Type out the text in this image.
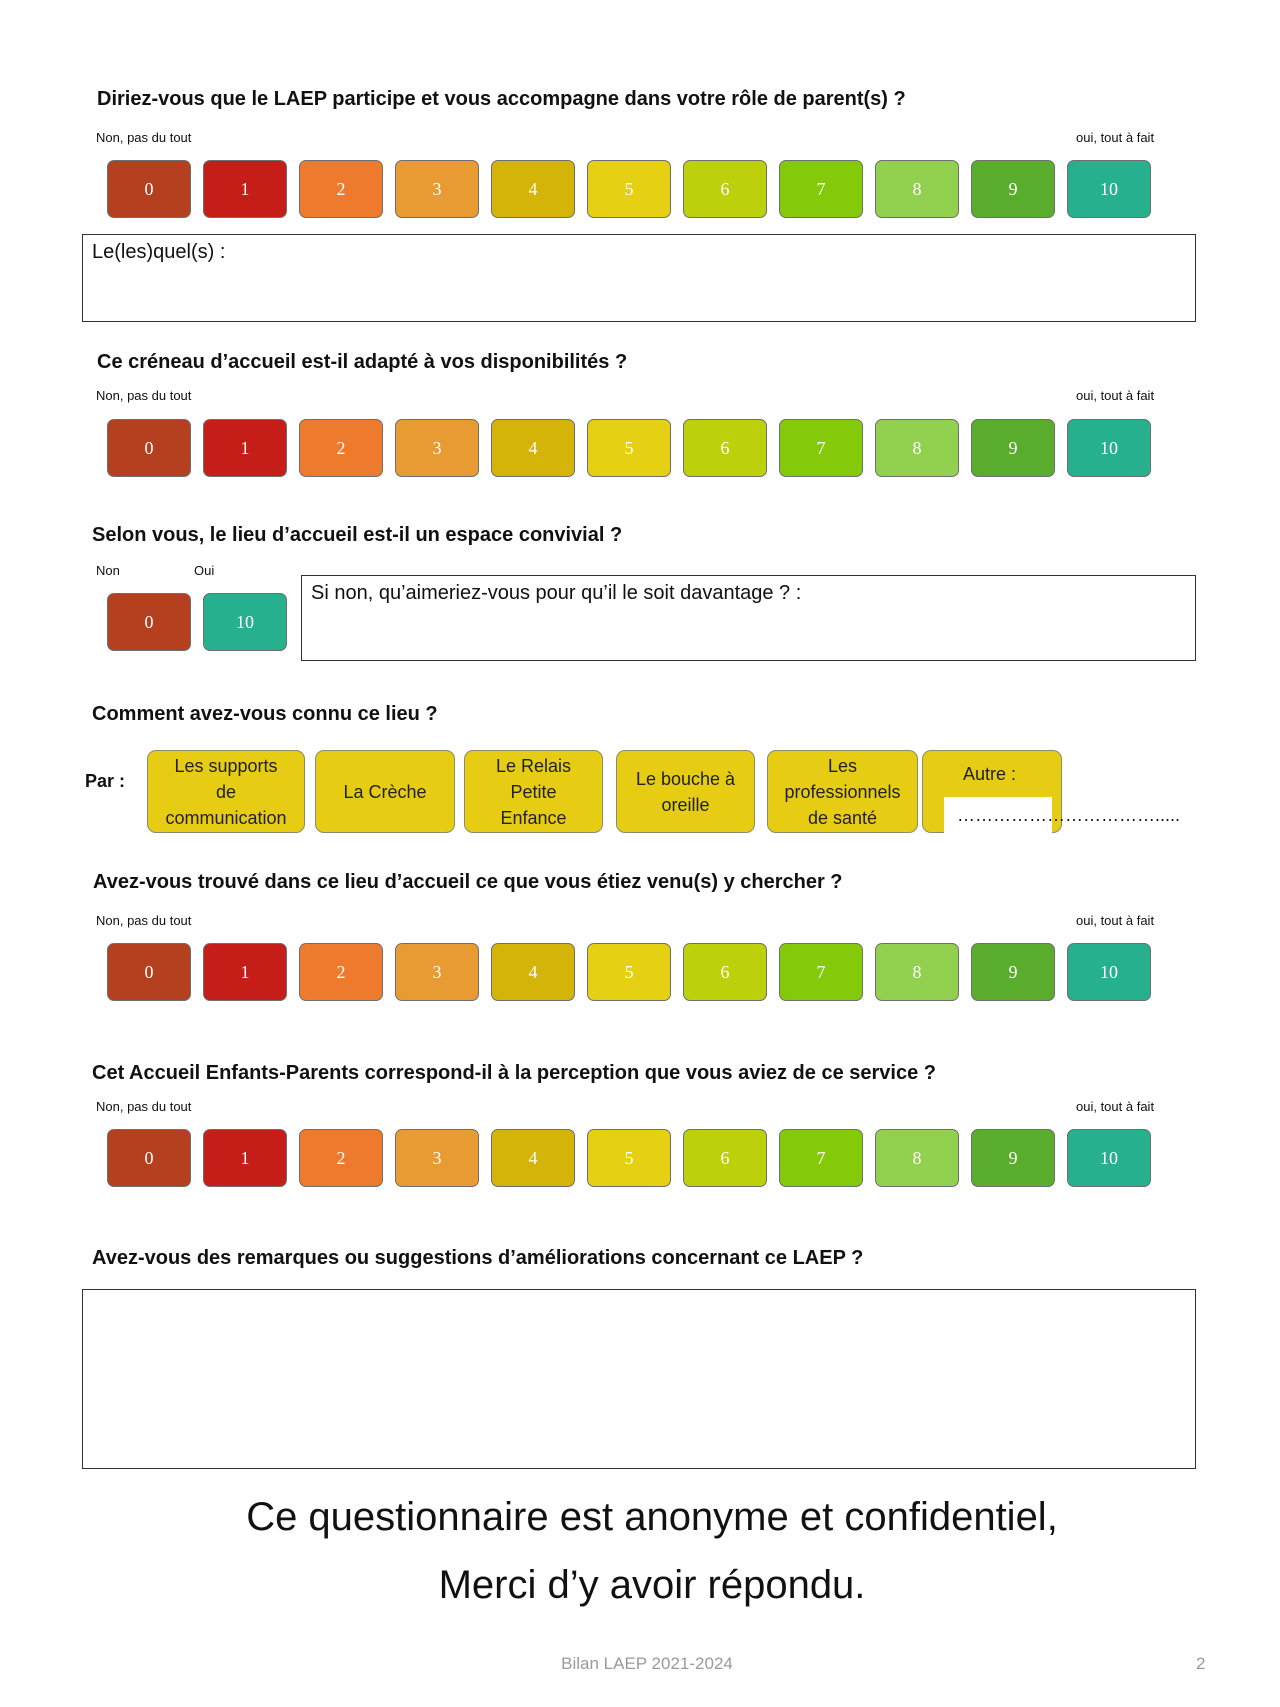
Diriez-vous que le LAEP participe et vous accompagne dans votre rôle de parent(s) ?
Non, pas du tout	oui, tout à fait
0	1	2	3	4	5	6	7	8	9	10
Le(les)quel(s) :
Ce créneau d’accueil est-il adapté à vos disponibilités ?
Non, pas du tout	oui, tout à fait
0	1	2	3	4	5	6	7	8	9	10
Selon vous, le lieu d’accueil est-il un espace convivial ?
Non	Oui
0	10
Si non, qu’aimeriez-vous pour qu’il le soit davantage ? :
Comment avez-vous connu ce lieu ?
Par :
Les supports
de
communication
La Crèche
Le Relais
Petite
Enfance
Le bouche à
oreille
Les
professionnels
de santé
Autre :
…………………………….....
Avez-vous trouvé dans ce lieu d’accueil ce que vous étiez venu(s) y chercher ?
Non, pas du tout	oui, tout à fait
0	1	2	3	4	5	6	7	8	9	10
Cet Accueil Enfants-Parents correspond-il à la perception que vous aviez de ce service ?
Non, pas du tout	oui, tout à fait
0	1	2	3	4	5	6	7	8	9	10
Avez-vous des remarques ou suggestions d’améliorations concernant ce LAEP ?
Ce questionnaire est anonyme et confidentiel,
Merci d’y avoir répondu.
Bilan LAEP 2021-2024	2
